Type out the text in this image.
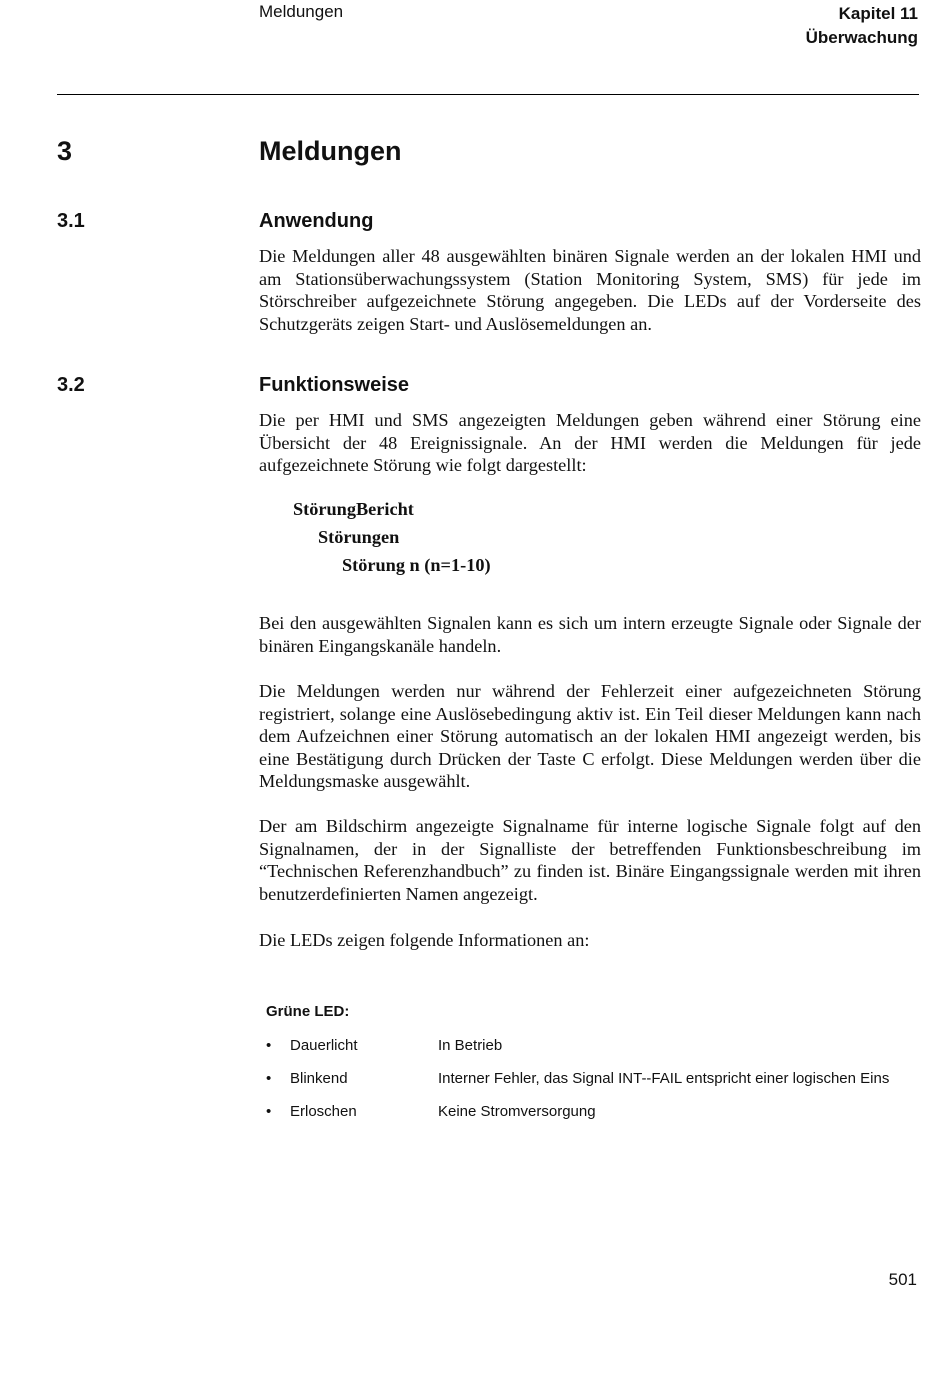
Meldungen	Kapitel 11
Überwachung
3	Meldungen
3.1	Anwendung
Die Meldungen aller 48 ausgewählten binären Signale werden an der lokalen HMI und am Stationsüberwachungssystem (Station Monitoring System, SMS) für jede im Störschreiber aufgezeichnete Störung angegeben. Die LEDs auf der Vorderseite des Schutzgeräts zeigen Start- und Auslösemeldungen an.
3.2	Funktionsweise
Die per HMI und SMS angezeigten Meldungen geben während einer Störung eine Übersicht der 48 Ereignissignale. An der HMI werden die Meldungen für jede aufgezeichnete Störung wie folgt dargestellt:
StörungBericht
Störungen
Störung n (n=1-10)
Bei den ausgewählten Signalen kann es sich um intern erzeugte Signale oder Signale der binären Eingangskanäle handeln.
Die Meldungen werden nur während der Fehlerzeit einer aufgezeichneten Störung registriert, solange eine Auslösebedingung aktiv ist. Ein Teil dieser Meldungen kann nach dem Aufzeichnen einer Störung automatisch an der lokalen HMI angezeigt werden, bis eine Bestätigung durch Drücken der Taste C erfolgt. Diese Meldungen werden über die Meldungsmaske ausgewählt.
Der am Bildschirm angezeigte Signalname für interne logische Signale folgt auf den Signalnamen, der in der Signalliste der betreffenden Funktionsbeschreibung im “Technischen Referenzhandbuch” zu finden ist. Binäre Eingangssignale werden mit ihren benutzerdefinierten Namen angezeigt.
Die LEDs zeigen folgende Informationen an:
Grüne LED:
• Dauerlicht	In Betrieb
• Blinkend	Interner Fehler, das Signal INT--FAIL entspricht einer logischen Eins
• Erloschen	Keine Stromversorgung
501
